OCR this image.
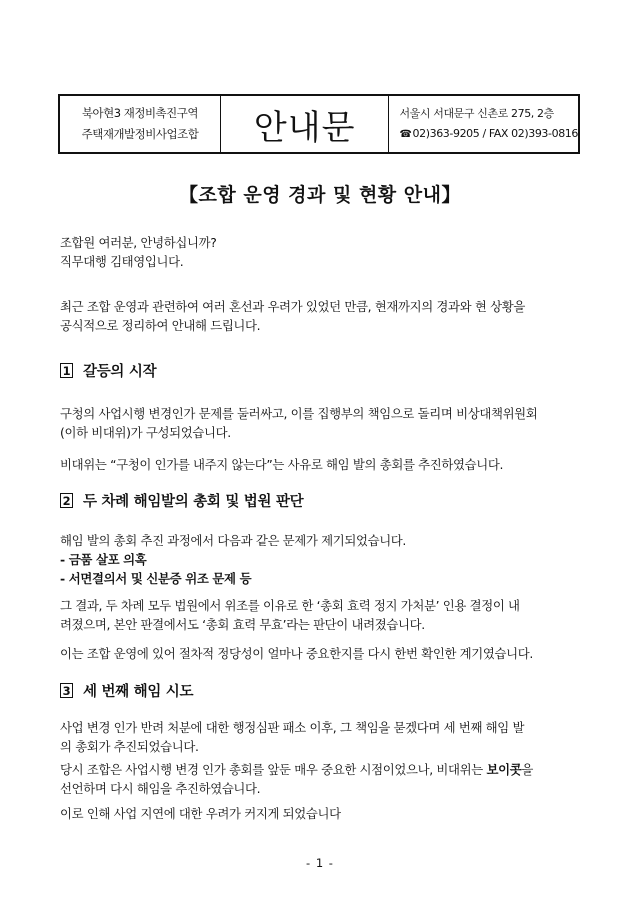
북아현3 재정비촉진구역
주택재개발정비사업조합 안내문	서울시 서대문구 신촌로 275, 2층
☎02)363-9205 / FAX 02)393-0816
【조합 운영 경과 및 현황 안내】
조합원 여러분, 안녕하십니까?
직무대행 김태영입니다.
최근 조합 운영과 관련하여 여러 혼선과 우려가 있었던 만큼, 현재까지의 경과와 현 상황을
공식적으로 정리하여 안내해 드립니다.
1 갈등의 시작
구청의 사업시행 변경인가 문제를 둘러싸고, 이를 집행부의 책임으로 돌리며 비상대책위원회
(이하 비대위)가 구성되었습니다.
비대위는 “구청이 인가를 내주지 않는다”는 사유로 해임 발의 총회를 추진하였습니다.
2 두 차례 해임발의 총회 및 법원 판단
해임 발의 총회 추진 과정에서 다음과 같은 문제가 제기되었습니다.
- 금품 살포 의혹
- 서면결의서 및 신분증 위조 문제 등
그 결과, 두 차례 모두 법원에서 위조를 이유로 한 ‘총회 효력 정지 가처분’ 인용 결정이 내
려졌으며, 본안 판결에서도 ‘총회 효력 무효’라는 판단이 내려졌습니다.
이는 조합 운영에 있어 절차적 정당성이 얼마나 중요한지를 다시 한번 확인한 계기였습니다.
3 세 번째 해임 시도
사업 변경 인가 반려 처분에 대한 행정심판 패소 이후, 그 책임을 묻겠다며 세 번째 해임 발
의 총회가 추진되었습니다.
당시 조합은 사업시행 변경 인가 총회를 앞둔 매우 중요한 시점이었으나, 비대위는 보이콧을
선언하며 다시 해임을 추진하였습니다.
이로 인해 사업 지연에 대한 우려가 커지게 되었습니다
- 1 -
